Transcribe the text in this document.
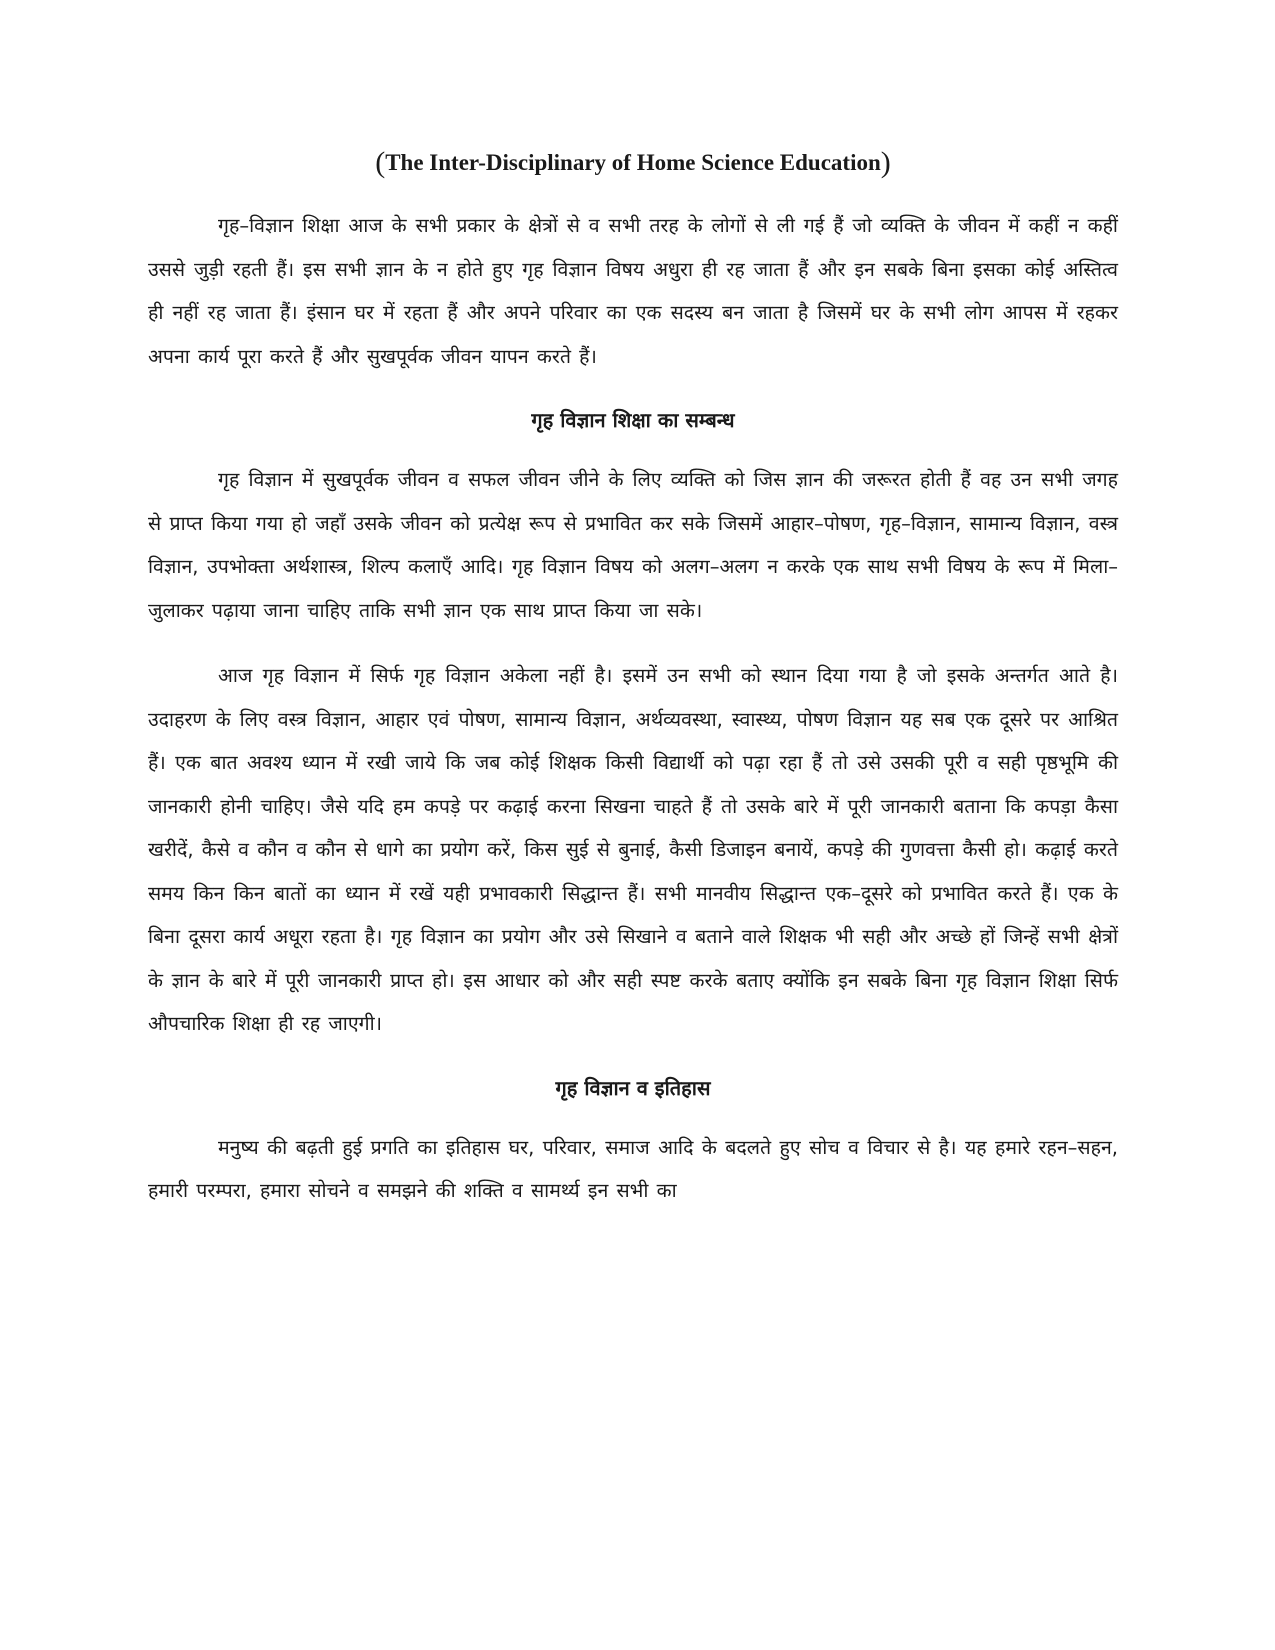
(The Inter-Disciplinary of Home Science Education)

गृह–विज्ञान शिक्षा आज के सभी प्रकार के क्षेत्रों से व सभी तरह के लोगों से ली गई हैं जो व्यक्ति के जीवन में कहीं न कहीं उससे जुड़ी रहती हैं। इस सभी ज्ञान के न होते हुए गृह विज्ञान विषय अधुरा ही रह जाता हैं और इन सबके बिना इसका कोई अस्तित्व ही नहीं रह जाता हैं। इंसान घर में रहता हैं और अपने परिवार का एक सदस्य बन जाता है जिसमें घर के सभी लोग आपस में रहकर अपना कार्य पूरा करते हैं और सुखपूर्वक जीवन यापन करते हैं।

गृह विज्ञान शिक्षा का सम्बन्ध

गृह विज्ञान में सुखपूर्वक जीवन व सफल जीवन जीने के लिए व्यक्ति को जिस ज्ञान की जरूरत होती हैं वह उन सभी जगह से प्राप्त किया गया हो जहाँ उसके जीवन को प्रत्येक्ष रूप से प्रभावित कर सके जिसमें आहार–पोषण, गृह–विज्ञान, सामान्य विज्ञान, वस्त्र विज्ञान, उपभोक्ता अर्थशास्त्र, शिल्प कलाएँ आदि। गृह विज्ञान विषय को अलग–अलग न करके एक साथ सभी विषय के रूप में मिला–जुलाकर पढ़ाया जाना चाहिए ताकि सभी ज्ञान एक साथ प्राप्त किया जा सके।

आज गृह विज्ञान में सिर्फ गृह विज्ञान अकेला नहीं है। इसमें उन सभी को स्थान दिया गया है जो इसके अन्तर्गत आते है। उदाहरण के लिए वस्त्र विज्ञान, आहार एवं पोषण, सामान्य विज्ञान, अर्थव्यवस्था, स्वास्थ्य, पोषण विज्ञान यह सब एक दूसरे पर आश्रित हैं। एक बात अवश्य ध्यान में रखी जाये कि जब कोई शिक्षक किसी विद्यार्थी को पढ़ा रहा हैं तो उसे उसकी पूरी व सही पृष्ठभूमि की जानकारी होनी चाहिए। जैसे यदि हम कपड़े पर कढ़ाई करना सिखना चाहते हैं तो उसके बारे में पूरी जानकारी बताना कि कपड़ा कैसा खरीदें, कैसे व कौन व कौन से धागे का प्रयोग करें, किस सुई से बुनाई, कैसी डिजाइन बनायें, कपड़े की गुणवत्ता कैसी हो। कढ़ाई करते समय किन किन बातों का ध्यान में रखें यही प्रभावकारी सिद्धान्त हैं। सभी मानवीय सिद्धान्त एक–दूसरे को प्रभावित करते हैं। एक के बिना दूसरा कार्य अधूरा रहता है। गृह विज्ञान का प्रयोग और उसे सिखाने व बताने वाले शिक्षक भी सही और अच्छे हों जिन्हें सभी क्षेत्रों के ज्ञान के बारे में पूरी जानकारी प्राप्त हो। इस आधार को और सही स्पष्ट करके बताए क्योंकि इन सबके बिना गृह विज्ञान शिक्षा सिर्फ औपचारिक शिक्षा ही रह जाएगी।

गृह विज्ञान व इतिहास

मनुष्य की बढ़ती हुई प्रगति का इतिहास घर, परिवार, समाज आदि के बदलते हुए सोच व विचार से है। यह हमारे रहन–सहन, हमारी परम्परा, हमारा सोचने व समझने की शक्ति व सामर्थ्य इन सभी का
